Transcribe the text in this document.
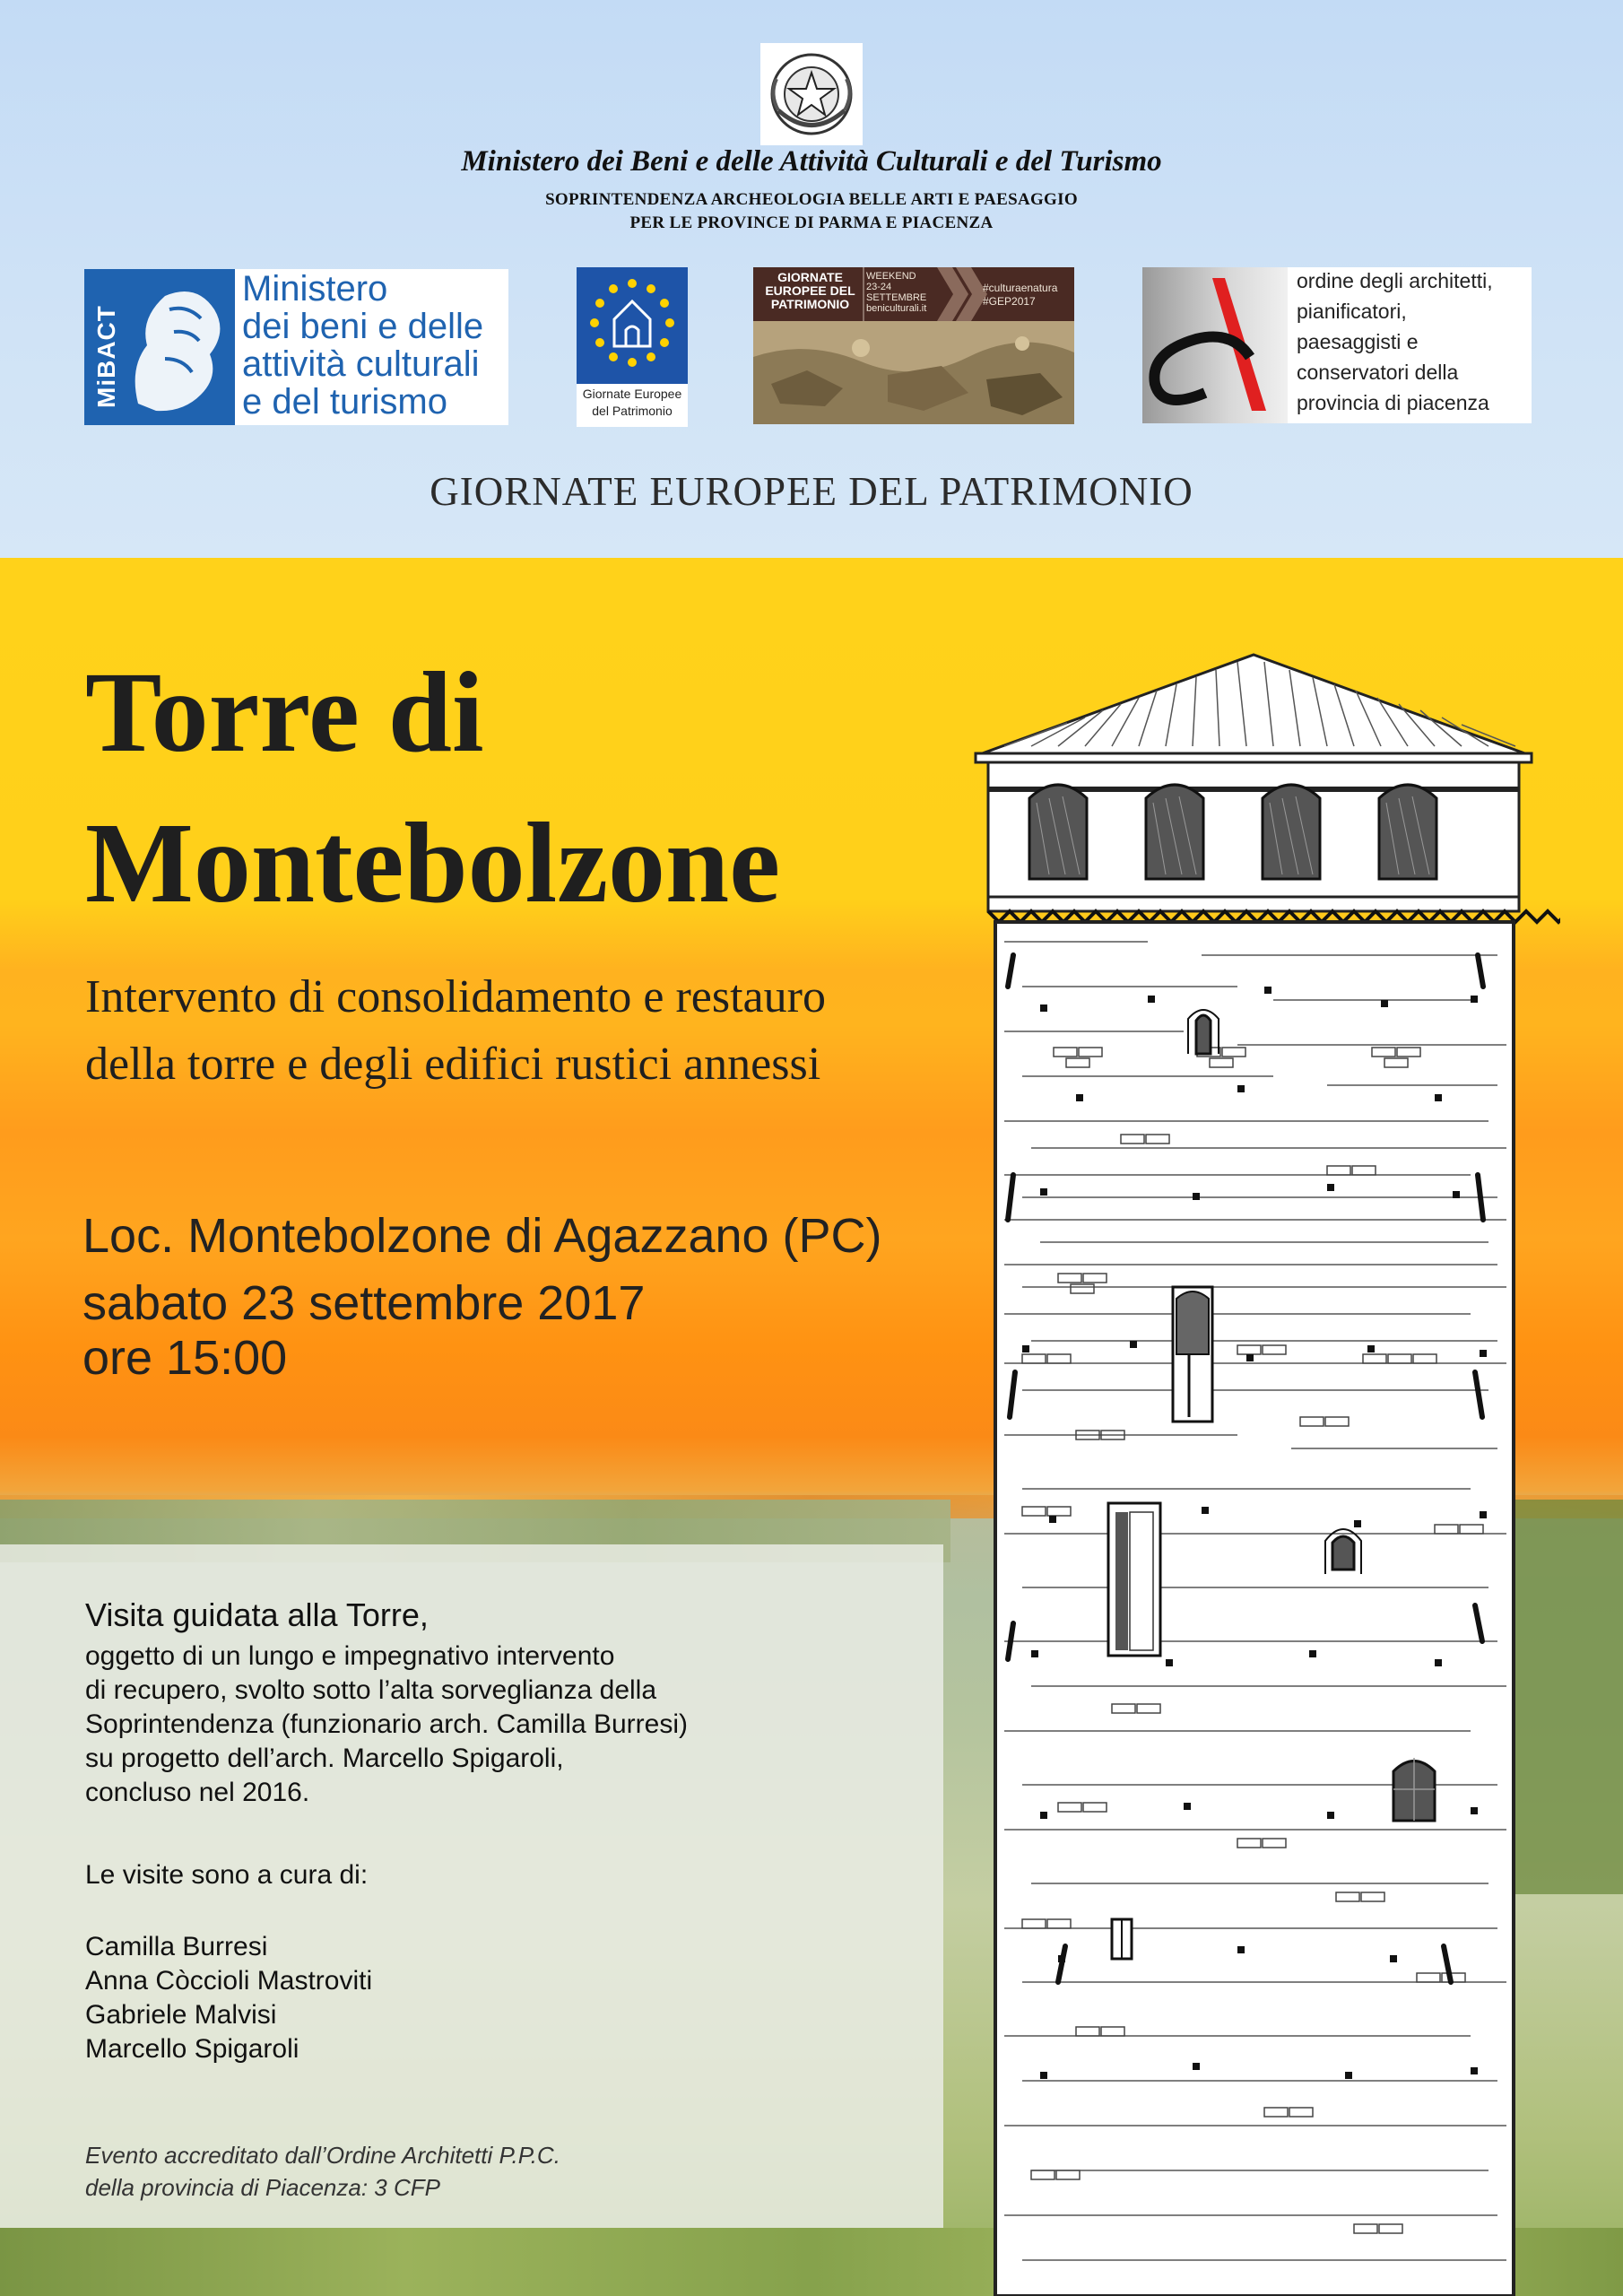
Ministero dei Beni e delle Attività Culturali e del Turismo
SOPRINTENDENZA ARCHEOLOGIA BELLE ARTI E PAESAGGIO
PER LE PROVINCE DI PARMA E PIACENZA
MiBACT
Ministero
dei beni e delle
attività culturali
e del turismo	Giornate Europee
del Patrimonio
GIORNATE
EUROPEE DEL
PATRIMONIO
WEEKEND
23-24
SETTEMBRE
beniculturali.it
#culturaenatura
#GEP2017
ordine degli architetti,
pianificatori,
paesaggisti e
conservatori della
provincia di piacenza
GIORNATE EUROPEE DEL PATRIMONIO
Torre di
Montebolzone
Intervento di consolidamento e restauro
della torre e degli edifici rustici annessi
Loc. Montebolzone di Agazzano (PC)
sabato 23 settembre 2017
ore 15:00
Visita guidata alla Torre,
oggetto di un lungo e impegnativo intervento
di recupero, svolto sotto l’alta sorveglianza della
Soprintendenza (funzionario arch. Camilla Burresi)
su progetto dell’arch. Marcello Spigaroli,
concluso nel 2016.
Le visite sono a cura di:
Camilla Burresi
Anna Còccioli Mastroviti
Gabriele Malvisi
Marcello Spigaroli
Evento accreditato dall’Ordine Architetti P.P.C.
della provincia di Piacenza: 3 CFP
